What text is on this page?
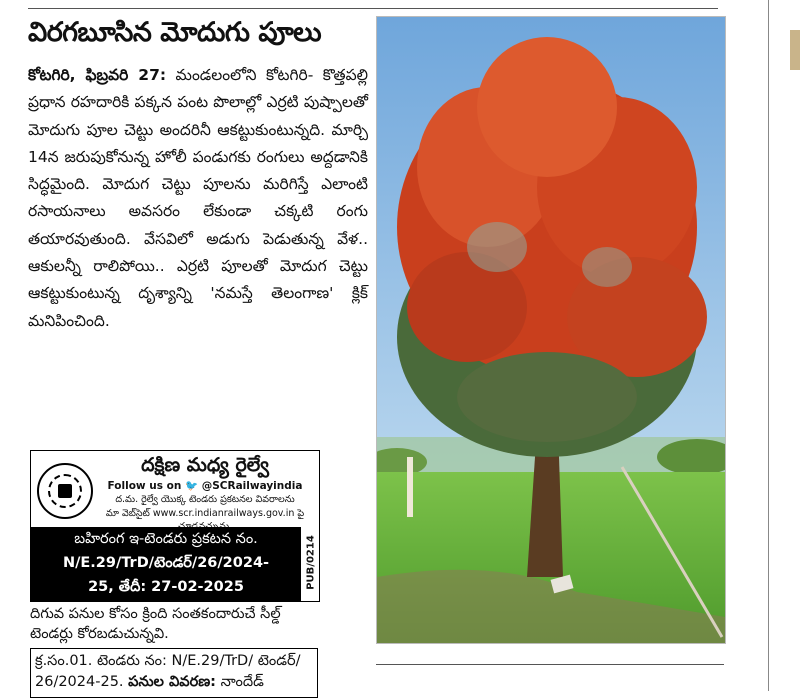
విరగబూసిన మోదుగు పూలు
కోటగిరి, ఫిబ్రవరి 27: మండలంలోని కోటగిరి- కొత్తపల్లి ప్రధాన రహదారికి పక్కన పంట పొలాల్లో ఎర్రటి పుష్పాలతో మోదుగు పూల చెట్టు అందరినీ ఆకట్టుకుంటున్నది. మార్చి 14న జరుపుకోనున్న హోలీ పండుగకు రంగులు అద్దడానికి సిద్ధమైంది. మోదుగ చెట్టు పూలను మరిగిస్తే ఎలాంటి రసాయనాలు అవసరం లేకుండా చక్కటి రంగు తయారవుతుంది. వేసవిలో అడుగు పెడుతున్న వేళ.. ఆకులన్నీ రాలిపోయి.. ఎర్రటి పూలతో మోదుగ చెట్టు ఆకట్టుకుంటున్న దృశ్యాన్ని 'నమస్తే తెలంగాణ' క్లిక్ మనిపించింది.
దక్షిణ మధ్య రైల్వే
Follow us on 🐦 @SCRailwayindia
ద.మ. రైల్వే యొక్క టెండరు ప్రకటనల వివరాలను
మా వెబ్‌సైట్ www.scr.indianrailways.gov.in పై
బహిరంగ ఇ-టెండరు ప్రకటన నం.
N/E.29/TrD/టెండర్/26/2024-
25, తేదీ: 27-02-2025	PUB/0214
దిగువ పనుల కోసం క్రింది సంతకందారుచే సీల్డ్ టెండర్లు కోరబడుచున్నవి.
క్ర.సం.01. టెండరు నం: N/E.29/TrD/ టెండర్/ 26/2024-25. పనుల వివరణ: నాందేడ్
